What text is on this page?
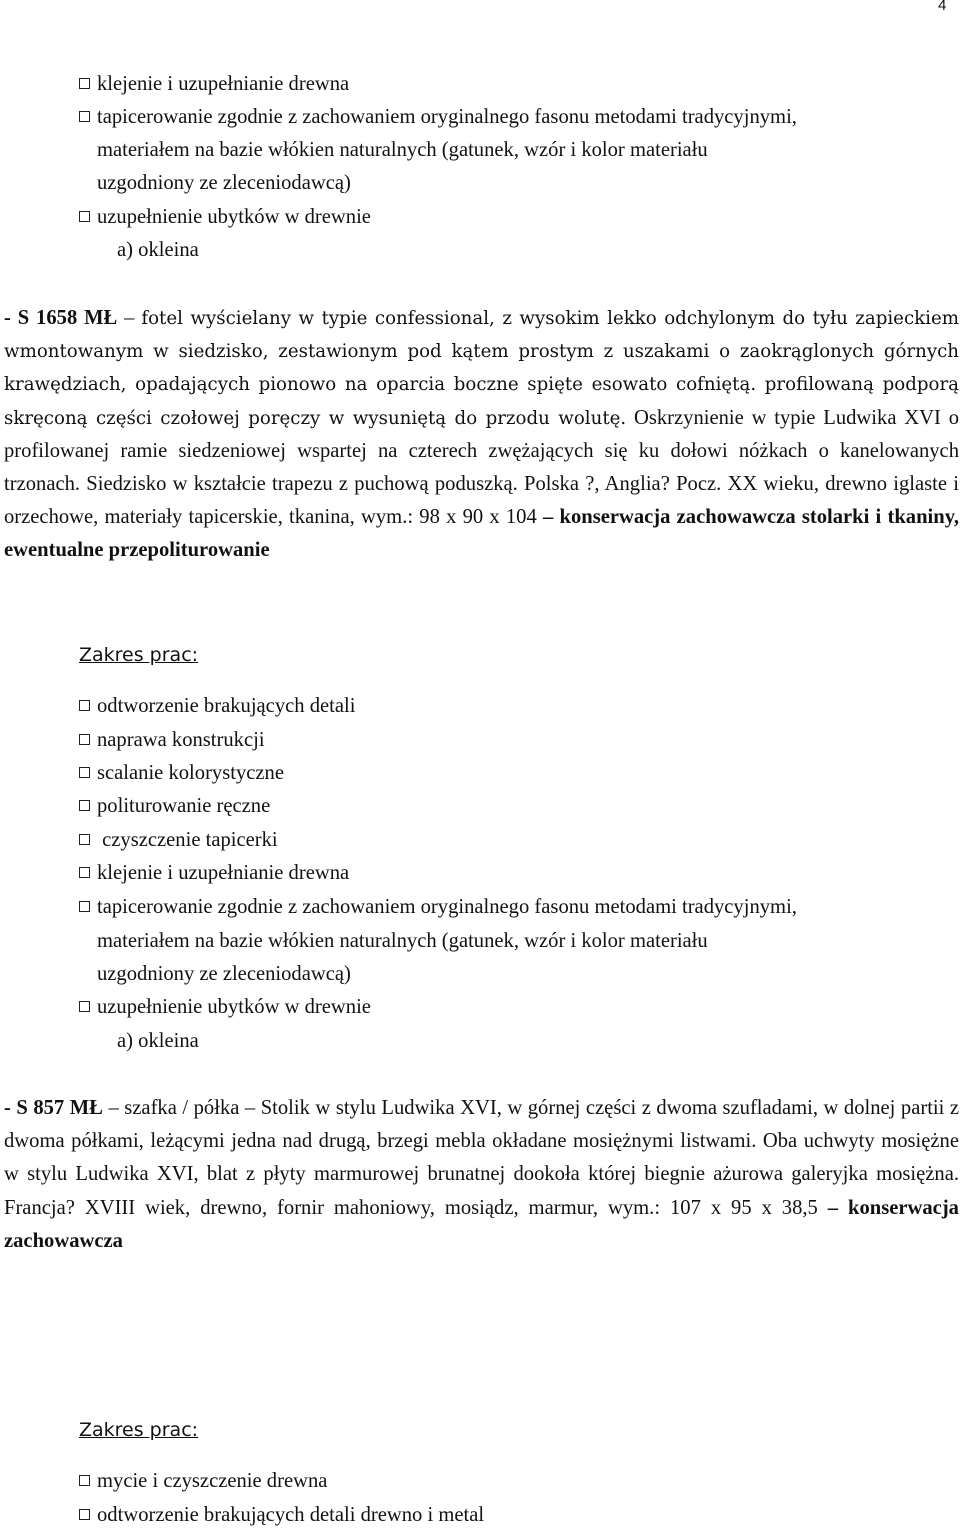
4
klejenie i uzupełnianie drewna
tapicerowanie zgodnie z zachowaniem oryginalnego fasonu metodami tradycyjnymi,
materiałem na bazie włókien naturalnych (gatunek, wzór i kolor materiału
uzgodniony ze zleceniodawcą)
uzupełnienie ubytków w drewnie
a) okleina
- S 1658 MŁ – fotel wyścielany w typie confessional, z wysokim lekko odchylonym do tyłu zapieckiem wmontowanym w siedzisko, zestawionym pod kątem prostym z uszakami o zaokrąglonych górnych krawędziach, opadających pionowo na oparcia boczne spięte esowato cofniętą. profilowaną podporą skręconą części czołowej poręczy w wysuniętą do przodu wolutę. Oskrzynienie w typie Ludwika XVI o profilowanej ramie siedzeniowej wspartej na czterech zwężających się ku dołowi nóżkach o kanelowanych trzonach. Siedzisko w kształcie trapezu z puchową poduszką. Polska ?, Anglia? Pocz. XX wieku, drewno iglaste i orzechowe, materiały tapicerskie, tkanina, wym.: 98 x 90 x 104 – konserwacja zachowawcza stolarki i tkaniny, ewentualne przepoliturowanie
Zakres prac:
odtworzenie brakujących detali
naprawa konstrukcji
scalanie kolorystyczne
politurowanie ręczne
czyszczenie tapicerki
klejenie i uzupełnianie drewna
tapicerowanie zgodnie z zachowaniem oryginalnego fasonu metodami tradycyjnymi,
materiałem na bazie włókien naturalnych (gatunek, wzór i kolor materiału
uzgodniony ze zleceniodawcą)
uzupełnienie ubytków w drewnie
a) okleina
- S 857 MŁ – szafka / półka – Stolik w stylu Ludwika XVI, w górnej części z dwoma szufladami, w dolnej partii z dwoma półkami, leżącymi jedna nad drugą, brzegi mebla okładane mosiężnymi listwami. Oba uchwyty mosiężne w stylu Ludwika XVI, blat z płyty marmurowej brunatnej dookoła której biegnie ażurowa galeryjka mosiężna. Francja? XVIII wiek, drewno, fornir mahoniowy, mosiądz, marmur, wym.: 107 x 95 x 38,5 – konserwacja zachowawcza
Zakres prac:
mycie i czyszczenie drewna
odtworzenie brakujących detali drewno i metal
